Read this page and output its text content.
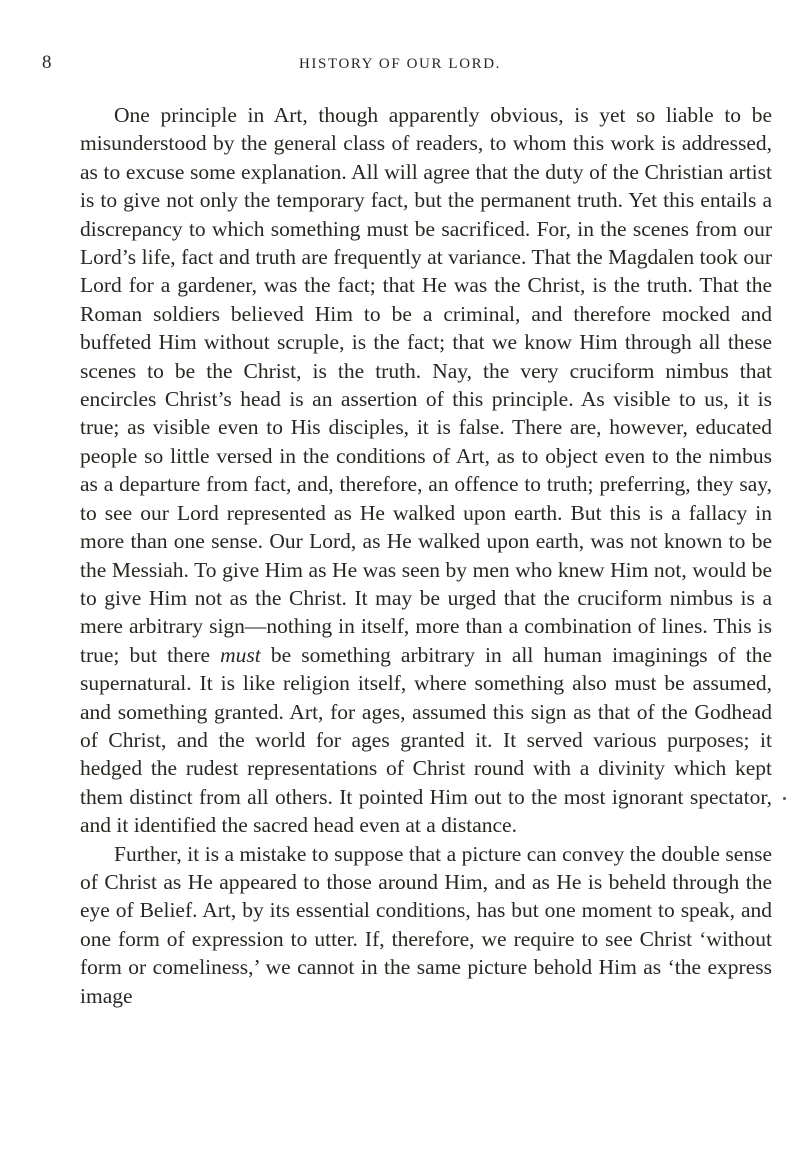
8	HISTORY OF OUR LORD.

One principle in Art, though apparently obvious, is yet so liable to be misunderstood by the general class of readers, to whom this work is addressed, as to excuse some explanation. All will agree that the duty of the Christian artist is to give not only the temporary fact, but the permanent truth. Yet this entails a discrepancy to which something must be sacrificed. For, in the scenes from our Lord’s life, fact and truth are frequently at variance. That the Magdalen took our Lord for a gardener, was the fact; that He was the Christ, is the truth. That the Roman soldiers believed Him to be a criminal, and therefore mocked and buffeted Him without scruple, is the fact; that we know Him through all these scenes to be the Christ, is the truth. Nay, the very cruciform nimbus that encircles Christ’s head is an assertion of this principle. As visible to us, it is true; as visible even to His disciples, it is false. There are, however, educated people so little versed in the conditions of Art, as to object even to the nimbus as a departure from fact, and, therefore, an offence to truth; preferring, they say, to see our Lord represented as He walked upon earth. But this is a fallacy in more than one sense. Our Lord, as He walked upon earth, was not known to be the Messiah. To give Him as He was seen by men who knew Him not, would be to give Him not as the Christ. It may be urged that the cruciform nimbus is a mere arbitrary sign—nothing in itself, more than a combination of lines. This is true; but there must be something arbitrary in all human imaginings of the supernatural. It is like religion itself, where something also must be assumed, and something granted. Art, for ages, assumed this sign as that of the Godhead of Christ, and the world for ages granted it. It served various purposes; it hedged the rudest representations of Christ round with a divinity which kept them distinct from all others. It pointed Him out to the most ignorant spectator, and it identified the sacred head even at a distance.

Further, it is a mistake to suppose that a picture can convey the double sense of Christ as He appeared to those around Him, and as He is beheld through the eye of Belief. Art, by its essential conditions, has but one moment to speak, and one form of expression to utter. If, therefore, we require to see Christ ‘without form or comeliness,’ we cannot in the same picture behold Him as ‘the express image
